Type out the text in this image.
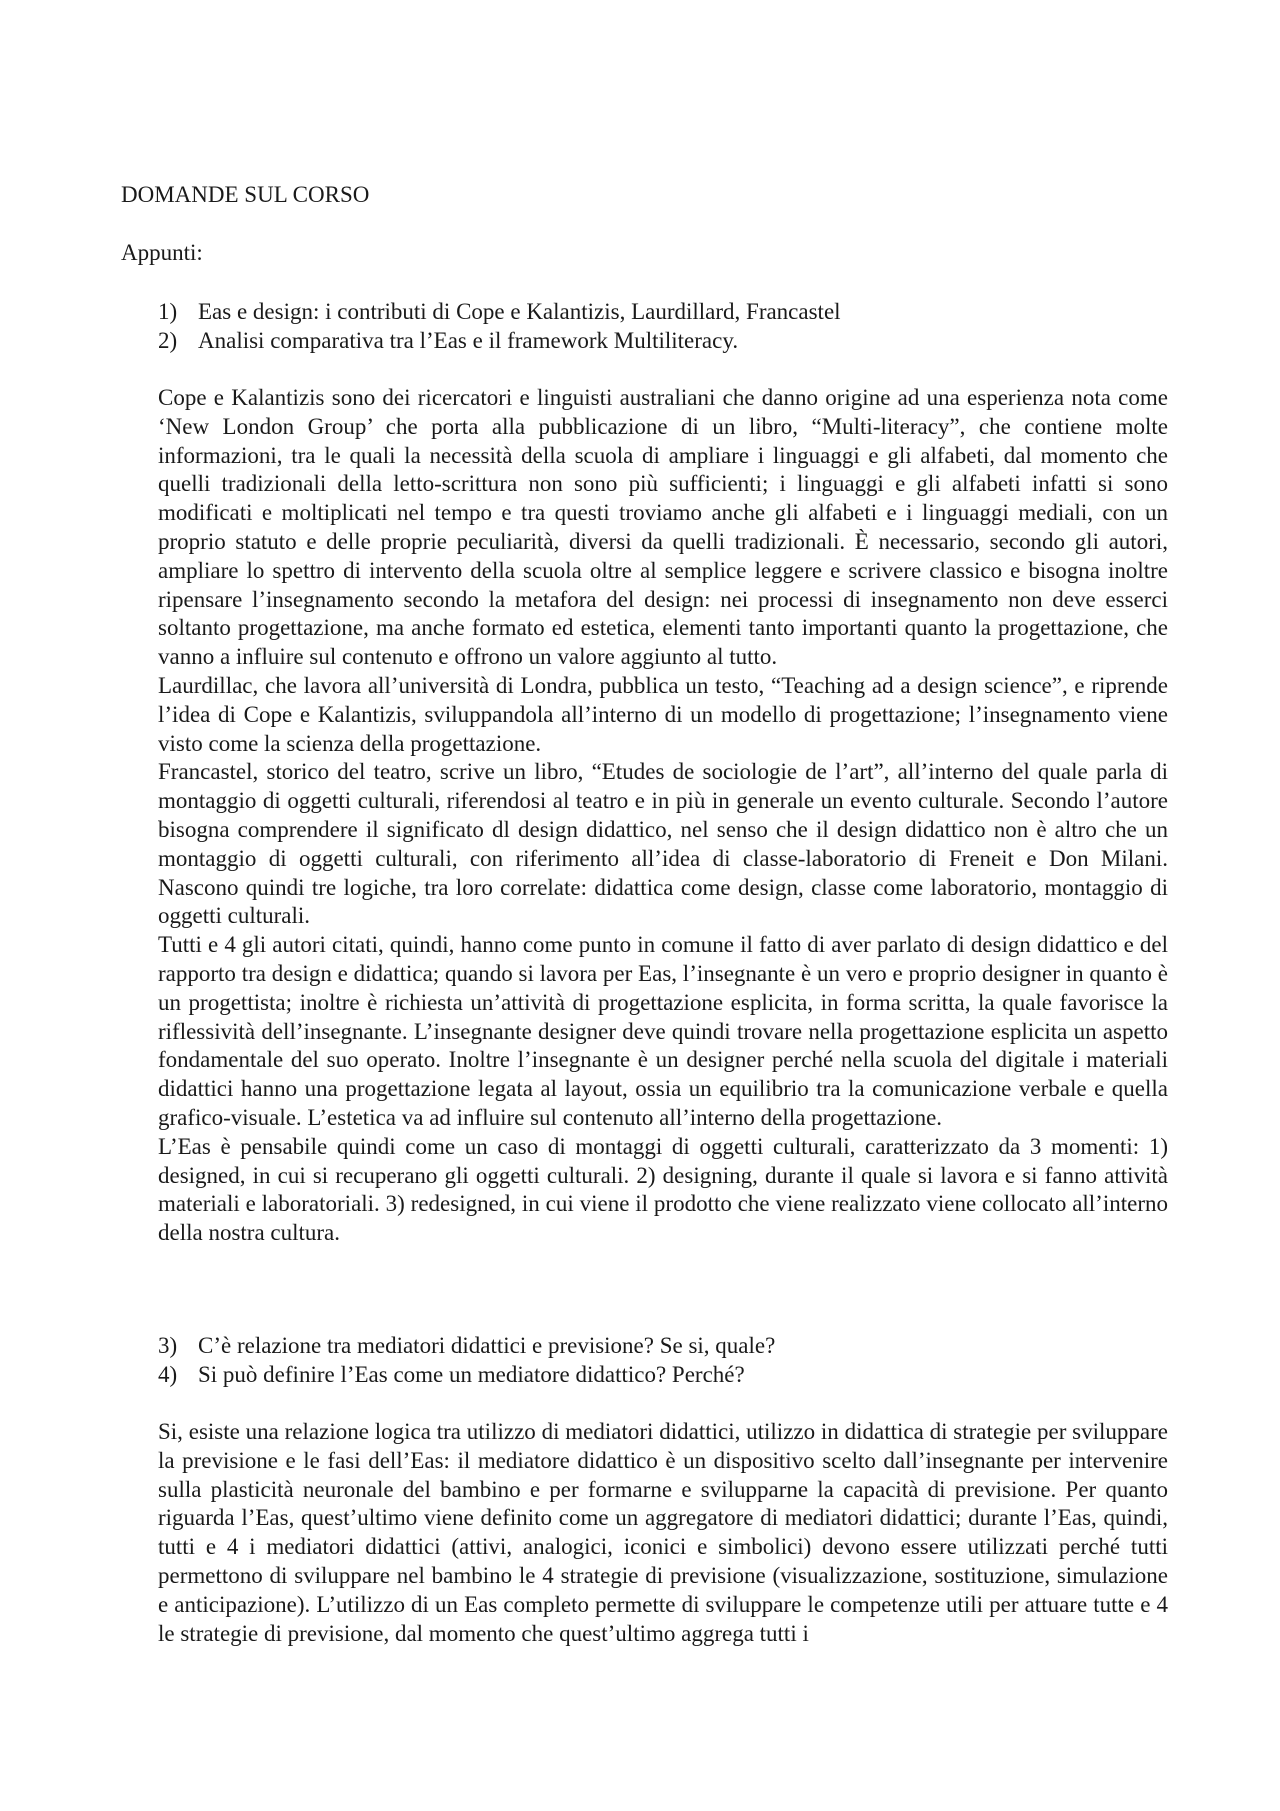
DOMANDE SUL CORSO
Appunti:
1) Eas e design: i contributi di Cope e Kalantizis, Laurdillard, Francastel
2) Analisi comparativa tra l’Eas e il framework Multiliteracy.

Cope e Kalantizis sono dei ricercatori e linguisti australiani che danno origine ad una esperienza nota come ‘New London Group’ che porta alla pubblicazione di un libro, “Multi-literacy”, che contiene molte informazioni, tra le quali la necessità della scuola di ampliare i linguaggi e gli alfabeti, dal momento che quelli tradizionali della letto-scrittura non sono più sufficienti; i linguaggi e gli alfabeti infatti si sono modificati e moltiplicati nel tempo e tra questi troviamo anche gli alfabeti e i linguaggi mediali, con un proprio statuto e delle proprie peculiarità, diversi da quelli tradizionali. È necessario, secondo gli autori, ampliare lo spettro di intervento della scuola oltre al semplice leggere e scrivere classico e bisogna inoltre ripensare l’insegnamento secondo la metafora del design: nei processi di insegnamento non deve esserci soltanto progettazione, ma anche formato ed estetica, elementi tanto importanti quanto la progettazione, che vanno a influire sul contenuto e offrono un valore aggiunto al tutto.

Laurdillac, che lavora all’università di Londra, pubblica un testo, “Teaching ad a design science”, e riprende l’idea di Cope e Kalantizis, sviluppandola all’interno di un modello di progettazione; l’insegnamento viene visto come la scienza della progettazione.

Francastel, storico del teatro, scrive un libro, “Etudes de sociologie de l’art”, all’interno del quale parla di montaggio di oggetti culturali, riferendosi al teatro e in più in generale un evento culturale. Secondo l’autore bisogna comprendere il significato dl design didattico, nel senso che il design didattico non è altro che un montaggio di oggetti culturali, con riferimento all’idea di classe-laboratorio di Freneit e Don Milani. Nascono quindi tre logiche, tra loro correlate: didattica come design, classe come laboratorio, montaggio di oggetti culturali.

Tutti e 4 gli autori citati, quindi, hanno come punto in comune il fatto di aver parlato di design didattico e del rapporto tra design e didattica; quando si lavora per Eas, l’insegnante è un vero e proprio designer in quanto è un progettista; inoltre è richiesta un’attività di progettazione esplicita, in forma scritta, la quale favorisce la riflessività dell’insegnante. L’insegnante designer deve quindi trovare nella progettazione esplicita un aspetto fondamentale del suo operato. Inoltre l’insegnante è un designer perché nella scuola del digitale i materiali didattici hanno una progettazione legata al layout, ossia un equilibrio tra la comunicazione verbale e quella grafico-visuale. L’estetica va ad influire sul contenuto all’interno della progettazione.

L’Eas è pensabile quindi come un caso di montaggi di oggetti culturali, caratterizzato da 3 momenti: 1) designed, in cui si recuperano gli oggetti culturali. 2) designing, durante il quale si lavora e si fanno attività materiali e laboratoriali. 3) redesigned, in cui viene il prodotto che viene realizzato viene collocato all’interno della nostra cultura.

3) C’è relazione tra mediatori didattici e previsione? Se si, quale?
4) Si può definire l’Eas come un mediatore didattico? Perché?

Si, esiste una relazione logica tra utilizzo di mediatori didattici, utilizzo in didattica di strategie per sviluppare la previsione e le fasi dell’Eas: il mediatore didattico è un dispositivo scelto dall’insegnante per intervenire sulla plasticità neuronale del bambino e per formarne e svilupparne la capacità di previsione. Per quanto riguarda l’Eas, quest’ultimo viene definito come un aggregatore di mediatori didattici; durante l’Eas, quindi, tutti e 4 i mediatori didattici (attivi, analogici, iconici e simbolici) devono essere utilizzati perché tutti permettono di sviluppare nel bambino le 4 strategie di previsione (visualizzazione, sostituzione, simulazione e anticipazione). L’utilizzo di un Eas completo permette di sviluppare le competenze utili per attuare tutte e 4 le strategie di previsione, dal momento che quest’ultimo aggrega tutti i
